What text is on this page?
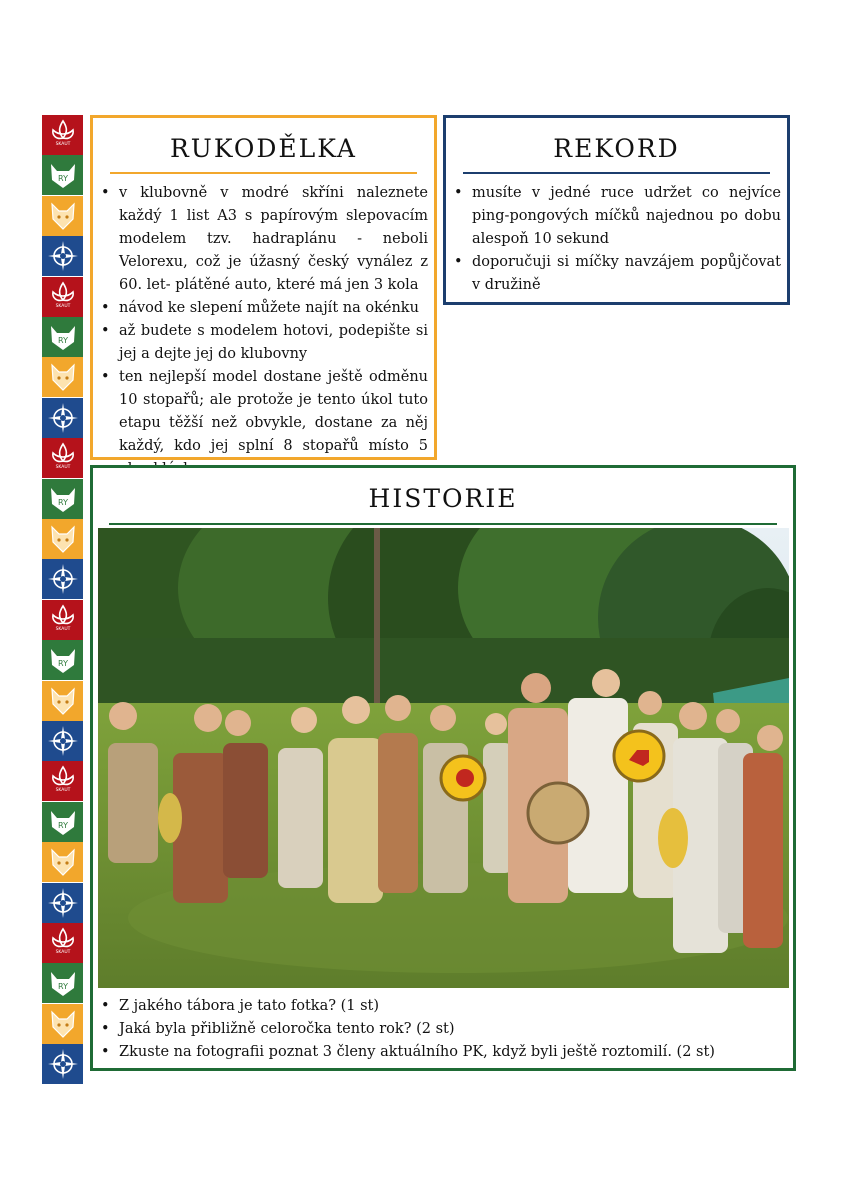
SKAUT
RY
SKAUT
RY
SKAUT
RY
SKAUT
RY
SKAUT
RY
SKAUT
RY
RUKODĚLKA
• v klubovně v modré skříni naleznete každý 1 list A3 s papírovým slepovacím modelem tzv. hadraplánu - neboli Velorexu, což je úžasný český vynález z 60. let- plátěné auto, které má jen 3 kola
• návod ke slepení můžete najít na okénku
• až budete s modelem hotovi, podepište si jej a dejte jej do klubovny
• ten nejlepší model dostane ještě odměnu 10 stopařů; ale protože je tento úkol tuto etapu těžší než obvykle, dostane za něj každý, kdo jej splní 8 stopařů místo 5
REKORD
• musíte v jedné ruce udržet co nejvíce ping-pongových míčků najednou po dobu alespoň 10 sekund
• doporučuji si míčky navzájem popůjčovat v družině
HISTORIE
• Z jakého tábora je tato fotka? (1 st)
• Jaká byla přibližně celoročka tento rok? (2 st)
• Zkuste na fotografii poznat 3 členy aktuálního PK, když byli ještě roztomilí. (2 st)
